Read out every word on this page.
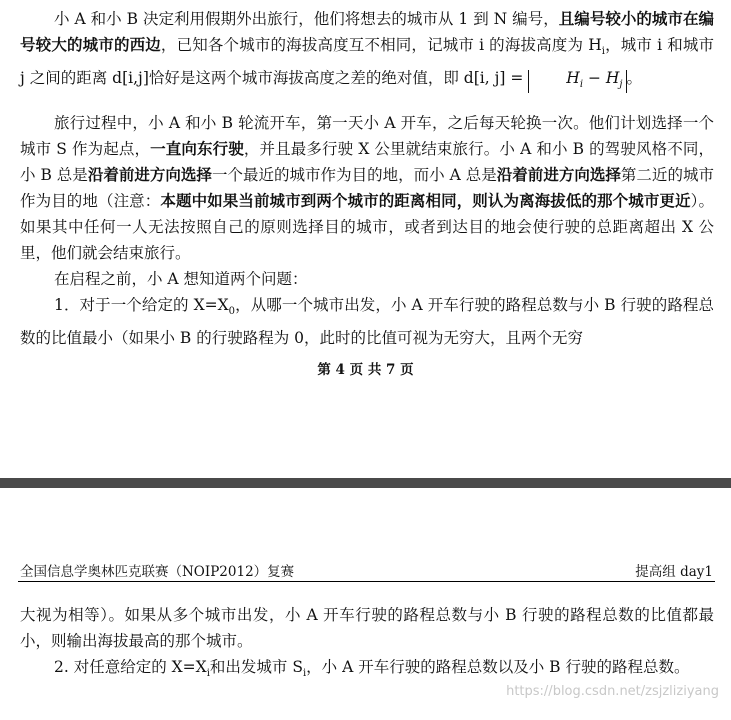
小 A 和小 B 决定利用假期外出旅行，他们将想去的城市从 1 到 N 编号，且编号较小的城市在编号较大的城市的西边，已知各个城市的海拔高度互不相同，记城市 i 的海拔高度为 $H_i$，城市 i 和城市 j 之间的距离 d[i,j]恰好是这两个城市海拔高度之差的绝对值，即 d[i, $j] = H_i - H_j$ 。

旅行过程中，小 A 和小 B 轮流开车，第一天小 A 开车，之后每天轮换一次。他们计划选择一个城市 S 作为起点，一直向东行驶，并且最多行驶 X 公里就结束旅行。小 A 和小 B 的驾驶风格不同，小 B 总是沿着前进方向选择一个最近的城市作为目的地，而小 A 总是沿着前进方向选择第二近的城市作为目的地（注意：本题中如果当前城市到两个城市的距离相同，则认为离海拔低的那个城市更近）。如果其中任何一人无法按照自己的原则选择目的城市，或者到达目的地会使行驶的总距离超出 X 公里，他们就会结束旅行。

在启程之前，小 A 想知道两个问题：

1．对于一个给定的 $X=X_0$，从哪一个城市出发，小 A 开车行驶的路程总数与小 B 行驶的路程总数的比值最小（如果小 B 的行驶路程为 0，此时的比值可视为无穷大，且两个无穷

第 4 页 共 7 页
全国信息学奥林匹克联赛（NOIP2012）复赛	提高组 day1

大视为相等）。如果从多个城市出发，小 A 开车行驶的路程总数与小 B 行驶的路程总数的比值都最小，则输出海拔最高的那个城市。

2. 对任意给定的 $X=X_i$和出发城市 $S_i$，小 A 开车行驶的路程总数以及小 B 行驶的路程总数。

https://blog.csdn.net/zsjzliziyang
